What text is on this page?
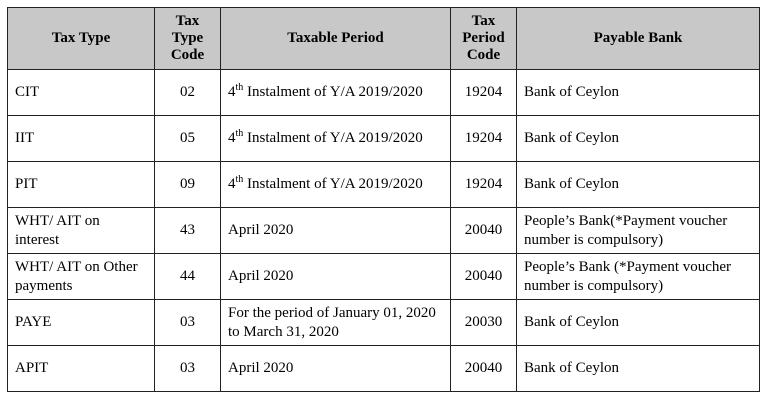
Tax Type	Tax Type Code	Taxable Period	Tax Period Code	Payable Bank
CIT	02	4th Instalment of Y/A 2019/2020	19204	Bank of Ceylon
IIT	05	4th Instalment of Y/A 2019/2020	19204	Bank of Ceylon
PIT	09	4th Instalment of Y/A 2019/2020	19204	Bank of Ceylon
WHT/ AIT on interest	43	April 2020	20040	People’s Bank(*Payment voucher number is compulsory)
WHT/ AIT on Other payments	44	April 2020	20040	People’s Bank (*Payment voucher number is compulsory)
PAYE	03	For the period of January 01, 2020 to March 31, 2020	20030	Bank of Ceylon
APIT	03	April 2020	20040	Bank of Ceylon
